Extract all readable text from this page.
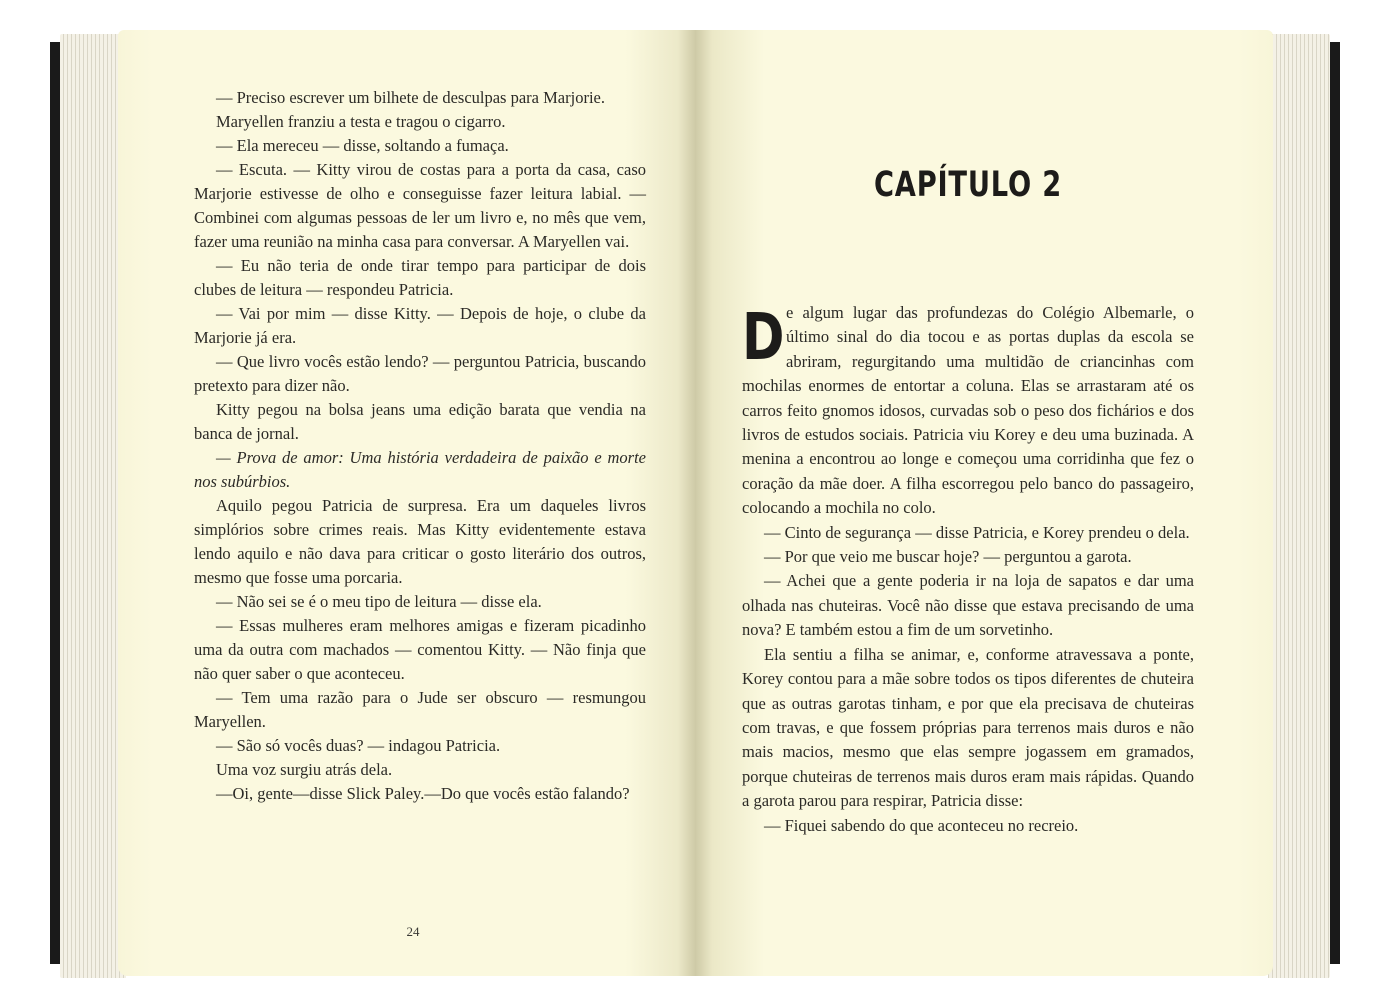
— Preciso escrever um bilhete de desculpas para Marjorie.

Maryellen franziu a testa e tragou o cigarro.

— Ela mereceu — disse, soltando a fumaça.

— Escuta. — Kitty virou de costas para a porta da casa, caso Marjorie estivesse de olho e conseguisse fazer leitura labial. — Combinei com algumas pessoas de ler um livro e, no mês que vem, fazer uma reunião na minha casa para conversar. A Maryellen vai.

— Eu não teria de onde tirar tempo para participar de dois clubes de leitura — respondeu Patricia.

— Vai por mim — disse Kitty. — Depois de hoje, o clube da Marjorie já era.

— Que livro vocês estão lendo? — perguntou Patricia, buscando pretexto para dizer não.

Kitty pegou na bolsa jeans uma edição barata que vendia na banca de jornal.

— Prova de amor: Uma história verdadeira de paixão e morte nos subúrbios.

Aquilo pegou Patricia de surpresa. Era um daqueles livros simplórios sobre crimes reais. Mas Kitty evidentemente estava lendo aquilo e não dava para criticar o gosto literário dos outros, mesmo que fosse uma porcaria.

— Não sei se é o meu tipo de leitura — disse ela.

— Essas mulheres eram melhores amigas e fizeram picadinho uma da outra com machados — comentou Kitty. — Não finja que não quer saber o que aconteceu.

— Tem uma razão para o Jude ser obscuro — resmungou Maryellen.

— São só vocês duas? — indagou Patricia.

Uma voz surgiu atrás dela.

—Oi, gente—disse Slick Paley.—Do que vocês estão falando?

24
CAPÍTULO 2

De algum lugar das profundezas do Colégio Albemarle, o último sinal do dia tocou e as portas duplas da escola se abriram, regurgitando uma multidão de criancinhas com mochilas enormes de entortar a coluna. Elas se arrastaram até os carros feito gnomos idosos, curvadas sob o peso dos fichários e dos livros de estudos sociais. Patricia viu Korey e deu uma buzinada. A menina a encontrou ao longe e começou uma corridinha que fez o coração da mãe doer. A filha escorregou pelo banco do passageiro, colocando a mochila no colo.

— Cinto de segurança — disse Patricia, e Korey prendeu o dela.

— Por que veio me buscar hoje? — perguntou a garota.

— Achei que a gente poderia ir na loja de sapatos e dar uma olhada nas chuteiras. Você não disse que estava precisando de uma nova? E também estou a fim de um sorvetinho.

Ela sentiu a filha se animar, e, conforme atravessava a ponte, Korey contou para a mãe sobre todos os tipos diferentes de chuteira que as outras garotas tinham, e por que ela precisava de chuteiras com travas, e que fossem próprias para terrenos mais duros e não mais macios, mesmo que elas sempre jogassem em gramados, porque chuteiras de terrenos mais duros eram mais rápidas. Quando a garota parou para respirar, Patricia disse:

— Fiquei sabendo do que aconteceu no recreio.
